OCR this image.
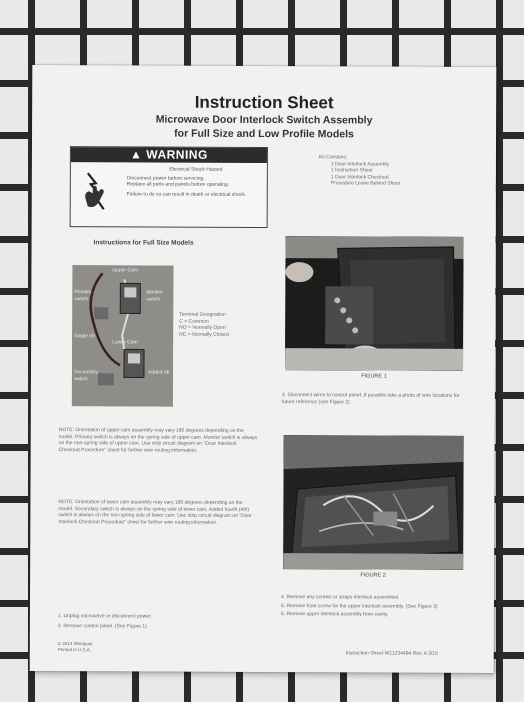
Instruction Sheet
Microwave Door Interlock Switch Assembly
for Full Size and Low Profile Models
▲ WARNING
Electrical Shock Hazard
Disconnect power before servicing.
Replace all parts and panels before operating.
Failure to do so can result in death or electrical shock.
Kit Contains:
1 Door Interlock Assembly
1 Instruction Sheet
1 Door Interlock Checkout Procedure Leave Behind Sheet
Instructions for Full Size Models
Upper Cam
Primary switch
Monitor switch
Single rib
Lower Cam
Secondary switch
Added rib
Terminal Designation
C = Common
NO = Normally Open
NC = Normally Closed
FIGURE 1
3. Disconnect wires to control panel. If possible take a photo of wire locations for future reference (see Figure 2).
NOTE: Orientation of upper cam assembly may vary 180 degrees depending on the model. Primary switch is always on the spring side of upper cam. Monitor switch is always on the non-spring side of upper cam. Use strip circuit diagram on "Door Interlock Checkout Procedure" sheet for further wire routing information.
NOTE: Orientation of lower cam assembly may vary 180 degrees depending on the model. Secondary switch is always on the spring side of lower cam. Added fourth (4th) switch is always on the non-spring side of lower cam. Use strip circuit diagram on "Door Interlock Checkout Procedure" sheet for further wire routing information.
FIGURE 2
4. Remove any screws or straps interlock assembled.
5. Remove front screw for the upper interlock assembly. (See Figure 3)
6. Remove upper interlock assembly from cavity.
1. Unplug microwave or disconnect power.
2. Remove control panel. (See Figure 1)
© 2014 Whirlpool
Printed in U.S.A.
Instruction Sheet W11234494 Rev. A 3/15
